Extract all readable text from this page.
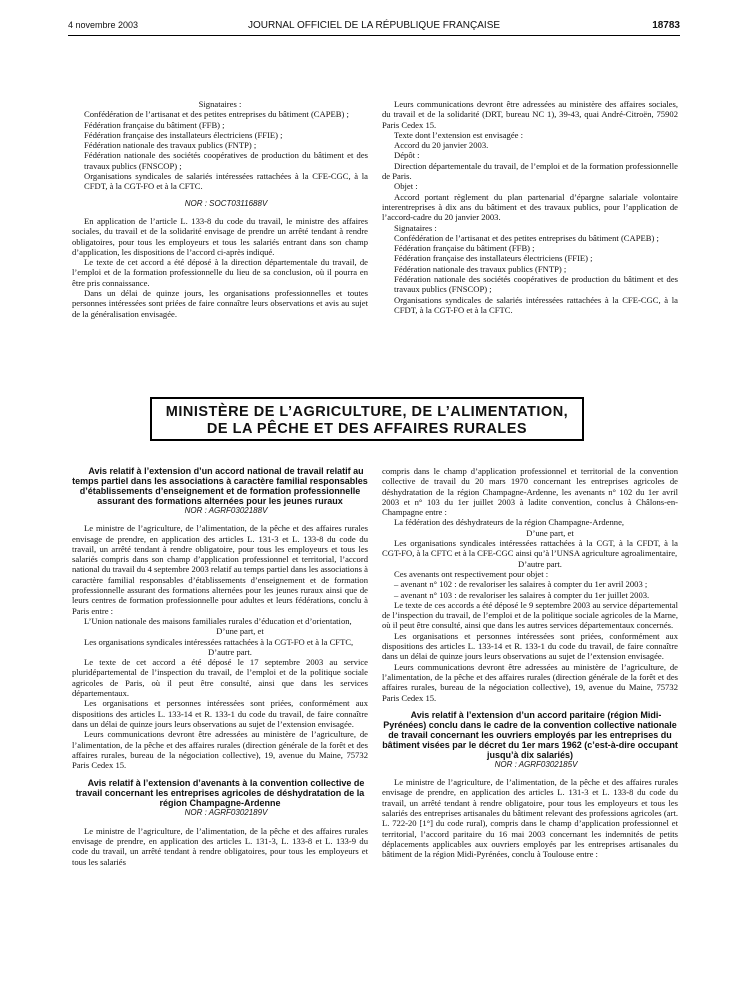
4 novembre 2003	JOURNAL OFFICIEL DE LA RÉPUBLIQUE FRANÇAISE	18783

Signataires :

Confédération de l’artisanat et des petites entreprises du bâtiment (CAPEB) ;

Fédération française du bâtiment (FFB) ;

Fédération française des installateurs électriciens (FFIE) ;

Fédération nationale des travaux publics (FNTP) ;

Fédération nationale des sociétés coopératives de production du bâtiment et des travaux publics (FNSCOP) ;

Organisations syndicales de salariés intéressées rattachées à la CFE-CGC, à la CFDT, à la CGT-FO et à la CFTC.

NOR : SOCT0311688V

En application de l’article L. 133-8 du code du travail, le ministre des affaires sociales, du travail et de la solidarité envisage de prendre un arrêté tendant à rendre obligatoires, pour tous les employeurs et tous les salariés entrant dans son champ d’application, les dispositions de l’accord ci-après indiqué.

Le texte de cet accord a été déposé à la direction départementale du travail, de l’emploi et de la formation professionnelle du lieu de sa conclusion, où il pourra en être pris connaissance.

Dans un délai de quinze jours, les organisations professionnelles et toutes personnes intéressées sont priées de faire connaître leurs observations et avis au sujet de la généralisation envisagée.

Leurs communications devront être adressées au ministère des affaires sociales, du travail et de la solidarité (DRT, bureau NC 1), 39-43, quai André-Citroën, 75902 Paris Cedex 15.

Texte dont l’extension est envisagée :

Accord du 20 janvier 2003.

Dépôt :

Direction départementale du travail, de l’emploi et de la formation professionnelle de Paris.

Objet :

Accord portant règlement du plan partenarial d’épargne salariale volontaire interentreprises à dix ans du bâtiment et des travaux publics, pour l’application de l’accord-cadre du 20 janvier 2003.

Signataires :

Confédération de l’artisanat et des petites entreprises du bâtiment (CAPEB) ;

Fédération française du bâtiment (FFB) ;

Fédération française des installateurs électriciens (FFIE) ;

Fédération nationale des travaux publics (FNTP) ;

Fédération nationale des sociétés coopératives de production du bâtiment et des travaux publics (FNSCOP) ;

Organisations syndicales de salariés intéressées rattachées à la CFE-CGC, à la CFDT, à la CGT-FO et à la CFTC.

MINISTÈRE DE L’AGRICULTURE, DE L’ALIMENTATION,
DE LA PÊCHE ET DES AFFAIRES RURALES

Avis relatif à l’extension d’un accord national de travail relatif au temps partiel dans les associations à caractère familial responsables d’établissements d’enseignement et de formation professionnelle assurant des formations alternées pour les jeunes ruraux

NOR : AGRF0302188V

Le ministre de l’agriculture, de l’alimentation, de la pêche et des affaires rurales envisage de prendre, en application des articles L. 131-3 et L. 133-8 du code du travail, un arrêté tendant à rendre obligatoire, pour tous les employeurs et tous les salariés compris dans son champ d’application professionnel et territorial, l’accord national du travail du 4 septembre 2003 relatif au temps partiel dans les associations à caractère familial responsables d’établissements d’enseignement et de formation professionnelle assurant des formations alternées pour les jeunes ruraux ainsi que de leurs centres de formation professionnelle pour adultes et leurs fédérations, conclu à Paris entre :

L’Union nationale des maisons familiales rurales d’éducation et d’orientation,

D’une part, et

Les organisations syndicales intéressées rattachées à la CGT-FO et à la CFTC,

D’autre part.

Le texte de cet accord a été déposé le 17 septembre 2003 au service pluridépartemental de l’inspection du travail, de l’emploi et de la politique sociale agricoles de Paris, où il peut être consulté, ainsi que dans les services départementaux.

Les organisations et personnes intéressées sont priées, conformément aux dispositions des articles L. 133-14 et R. 133-1 du code du travail, de faire connaître dans un délai de quinze jours leurs observations au sujet de l’extension envisagée.

Leurs communications devront être adressées au ministère de l’agriculture, de l’alimentation, de la pêche et des affaires rurales (direction générale de la forêt et des affaires rurales, bureau de la négociation collective), 19, avenue du Maine, 75732 Paris Cedex 15.

Avis relatif à l’extension d’avenants à la convention collective de travail concernant les entreprises agricoles de déshydratation de la région Champagne-Ardenne

NOR : AGRF0302189V

Le ministre de l’agriculture, de l’alimentation, de la pêche et des affaires rurales envisage de prendre, en application des articles L. 131-3, L. 133-8 et L. 133-9 du code du travail, un arrêté tendant à rendre obligatoires, pour tous les employeurs et tous les salariés

compris dans le champ d’application professionnel et territorial de la convention collective de travail du 20 mars 1970 concernant les entreprises agricoles de déshydratation de la région Champagne-Ardenne, les avenants n° 102 du 1er avril 2003 et n° 103 du 1er juillet 2003 à ladite convention, conclus à Châlons-en-Champagne entre :

La fédération des déshydrateurs de la région Champagne-Ardenne,

D’une part, et

Les organisations syndicales intéressées rattachées à la CGT, à la CFDT, à la CGT-FO, à la CFTC et à la CFE-CGC ainsi qu’à l’UNSA agriculture agroalimentaire,

D’autre part.

Ces avenants ont respectivement pour objet :

– avenant n° 102 : de revaloriser les salaires à compter du 1er avril 2003 ;

– avenant n° 103 : de revaloriser les salaires à compter du 1er juillet 2003.

Le texte de ces accords a été déposé le 9 septembre 2003 au service départemental de l’inspection du travail, de l’emploi et de la politique sociale agricoles de la Marne, où il peut être consulté, ainsi que dans les autres services départementaux concernés.

Les organisations et personnes intéressées sont priées, conformément aux dispositions des articles L. 133-14 et R. 133-1 du code du travail, de faire connaître dans un délai de quinze jours leurs observations au sujet de l’extension envisagée.

Leurs communications devront être adressées au ministère de l’agriculture, de l’alimentation, de la pêche et des affaires rurales (direction générale de la forêt et des affaires rurales, bureau de la négociation collective), 19, avenue du Maine, 75732 Paris Cedex 15.

Avis relatif à l’extension d’un accord paritaire (région Midi-Pyrénées) conclu dans le cadre de la convention collective nationale de travail concernant les ouvriers employés par les entreprises du bâtiment visées par le décret du 1er mars 1962 (c’est-à-dire occupant jusqu’à dix salariés)

NOR : AGRF0302185V

Le ministre de l’agriculture, de l’alimentation, de la pêche et des affaires rurales envisage de prendre, en application des articles L. 131-3 et L. 133-8 du code du travail, un arrêté tendant à rendre obligatoire, pour tous les employeurs et tous les salariés des entreprises artisanales du bâtiment relevant des professions agricoles (art. L. 722-20 [1°] du code rural), compris dans le champ d’application professionnel et territorial, l’accord paritaire du 16 mai 2003 concernant les indemnités de petits déplacements applicables aux ouvriers employés par les entreprises artisanales du bâtiment de la région Midi-Pyrénées, conclu à Toulouse entre :
